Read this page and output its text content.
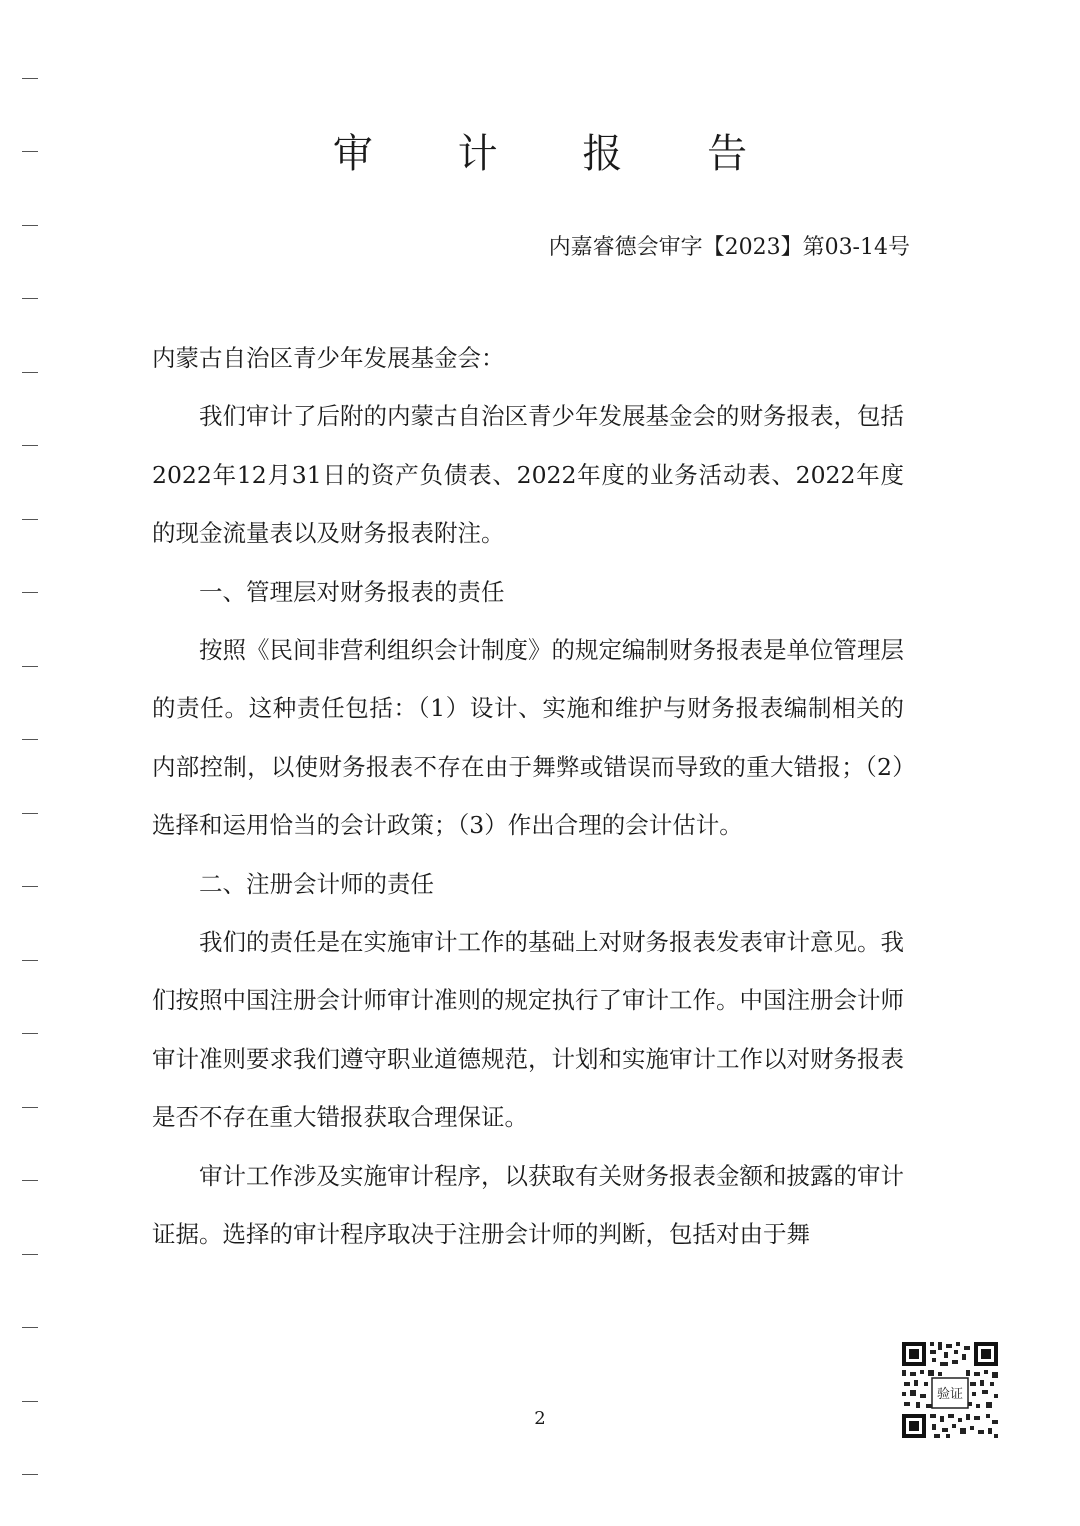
审 计 报 告
内嘉睿德会审字【2023】第03-14号

内蒙古自治区青少年发展基金会：

我们审计了后附的内蒙古自治区青少年发展基金会的财务报表，包括2022年12月31日的资产负债表、2022年度的业务活动表、2022年度的现金流量表以及财务报表附注。

一、管理层对财务报表的责任

按照《民间非营利组织会计制度》的规定编制财务报表是单位管理层的责任。这种责任包括：（1）设计、实施和维护与财务报表编制相关的内部控制，以使财务报表不存在由于舞弊或错误而导致的重大错报；（2）选择和运用恰当的会计政策；（3）作出合理的会计估计。

二、注册会计师的责任

我们的责任是在实施审计工作的基础上对财务报表发表审计意见。我们按照中国注册会计师审计准则的规定执行了审计工作。中国注册会计师审计准则要求我们遵守职业道德规范，计划和实施审计工作以对财务报表是否不存在重大错报获取合理保证。

审计工作涉及实施审计程序，以获取有关财务报表金额和披露的审计证据。选择的审计程序取决于注册会计师的判断，包括对由于舞

2
验证
